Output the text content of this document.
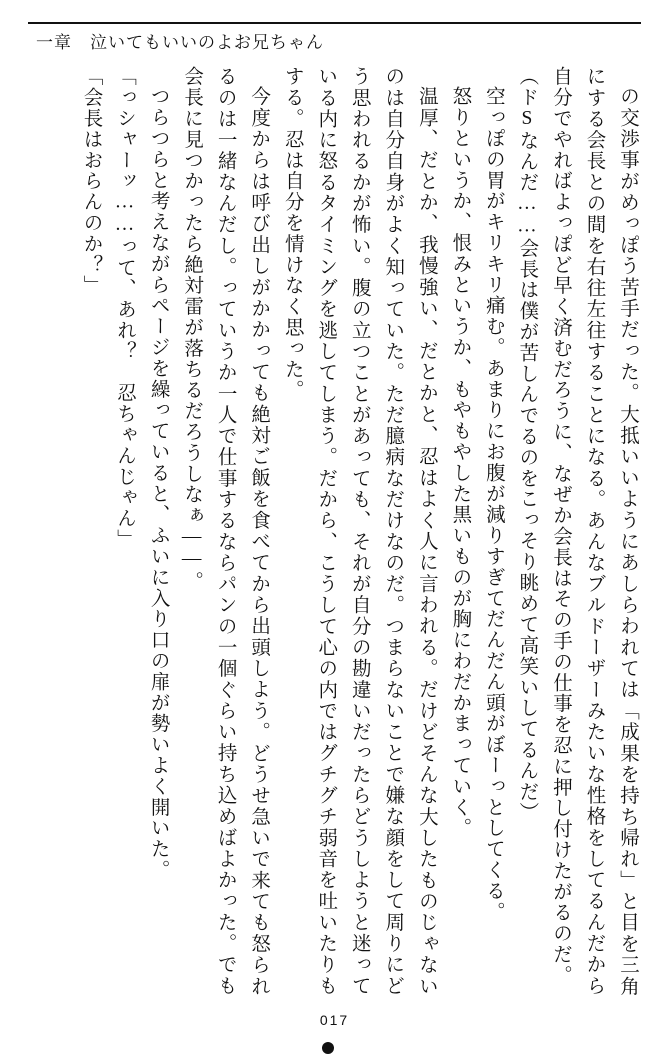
一章 泣いてもいいのよお兄ちゃん

の交渉事がめっぽう苦手だった。大抵いいようにあしらわれては「成果を持ち帰れ」と目を三角にする会長との間を右往左往することになる。あんなブルドーザーみたいな性格をしてるんだから自分でやればよっぽど早く済むだろうに、なぜか会長はその手の仕事を忍に押し付けたがるのだ。

（ドSなんだ……会長は僕が苦しんでるのをこっそり眺めて高笑いしてるんだ）

空っぽの胃がキリキリ痛む。あまりにお腹が減りすぎてだんだん頭がぼーっとしてくる。

怒りというか、恨みというか、もやもやした黒いものが胸にわだかまっていく。

温厚、だとか、我慢強い、だとかと、忍はよく人に言われる。だけどそんな大したものじゃないのは自分自身がよく知っていた。ただ臆病なだけなのだ。つまらないことで嫌な顔をして周りにどう思われるかが怖い。腹の立つことがあっても、それが自分の勘違いだったらどうしようと迷っている内に怒るタイミングを逃してしまう。だから、こうして心の内ではグチグチ弱音を吐いたりもする。忍は自分を情けなく思った。

今度からは呼び出しがかかっても絶対ご飯を食べてから出頭しよう。どうせ急いで来ても怒られるのは一緒なんだし。っていうか一人で仕事するならパンの一個ぐらい持ち込めばよかった。でも会長に見つかったら絶対雷が落ちるだろうしなぁ――。

つらつらと考えながらページを繰っていると、ふいに入り口の扉が勢いよく開いた。

「っシャーッ……って、あれ？　忍ちゃんじゃん」

「会長はおらんのか？」

017
